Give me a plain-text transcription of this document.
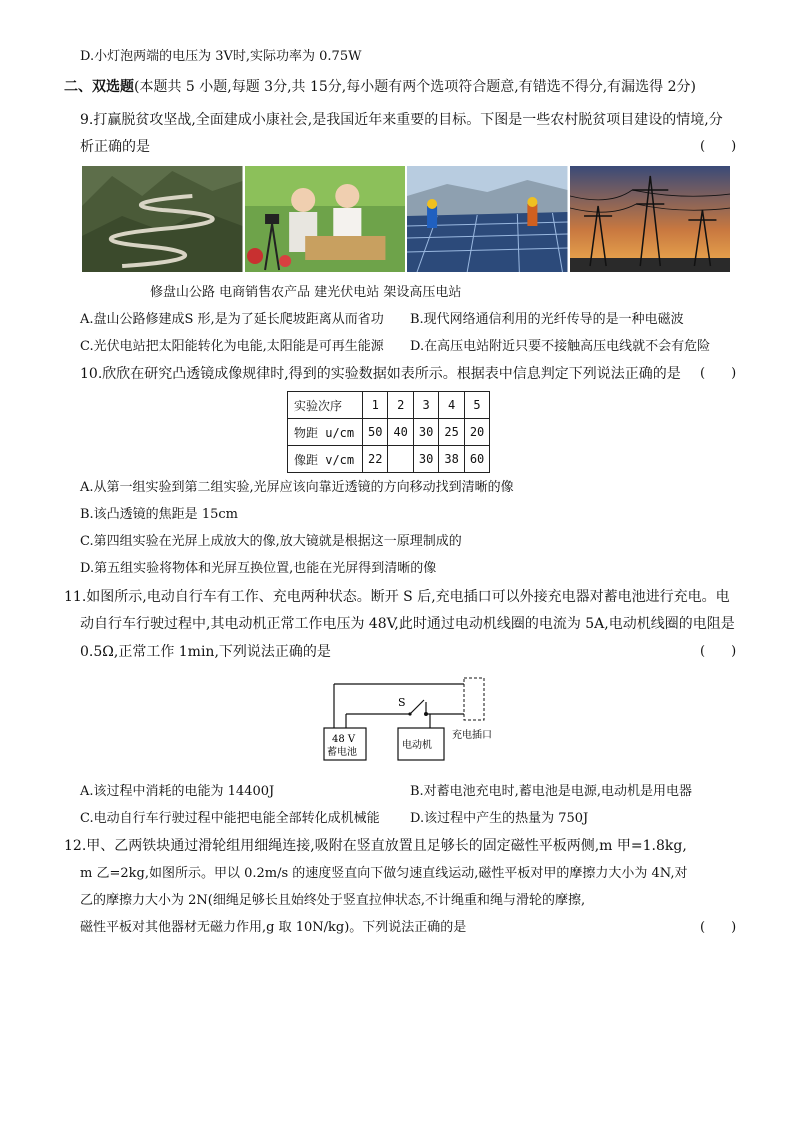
D.小灯泡两端的电压为 3V时,实际功率为 0.75W
二、双选题(本题共 5 小题,每题 3分,共 15分,每小题有两个选项符合题意,有错选不得分,有漏选得 2分)
9.打赢脱贫攻坚战,全面建成小康社会,是我国近年来重要的目标。下图是一些农村脱贫项目建设的情境,分
析正确的是	(　　)
修盘山公路 电商销售农产品 建光伏电站 架设高压电站
A.盘山公路修建成S 形,是为了延长爬坡距离从而省功 B.现代网络通信利用的光纤传导的是一种电磁波
C.光伏电站把太阳能转化为电能,太阳能是可再生能源 D.在高压电站附近只要不接触高压电线就不会有危险
10.欣欣在研究凸透镜成像规律时,得到的实验数据如表所示。根据表中信息判定下列说法正确的是 (　　)
实验次序	1	2	3	4	5
物距 u/cm	50	40	30	25	20
像距 v/cm	22		30	38	60
A.从第一组实验到第二组实验,光屏应该向靠近透镜的方向移动找到清晰的像
B.该凸透镜的焦距是 15cm
C.第四组实验在光屏上成放大的像,放大镜就是根据这一原理制成的
D.第五组实验将物体和光屏互换位置,也能在光屏得到清晰的像
11.如图所示,电动自行车有工作、充电两种状态。断开 S 后,充电插口可以外接充电器对蓄电池进行充电。电
动自行车行驶过程中,其电动机正常工作电压为 48V,此时通过电动机线圈的电流为 5A,电动机线圈的电阻是
0.5Ω,正常工作 1min,下列说法正确的是	(　　)
S
48 V
蓄电池
电动机
充电插口
A.该过程中消耗的电能为 14400J	B.对蓄电池充电时,蓄电池是电源,电动机是用电器
C.电动自行车行驶过程中能把电能全部转化成机械能 D.该过程中产生的热量为 750J
12.甲、乙两铁块通过滑轮组用细绳连接,吸附在竖直放置且足够长的固定磁性平板两侧,m 甲=1.8kg,
m 乙=2kg,如图所示。甲以 0.2m/s 的速度竖直向下做匀速直线运动,磁性平板对甲的摩擦力大小为 4N,对
乙的摩擦力大小为 2N(细绳足够长且始终处于竖直拉伸状态,不计绳重和绳与滑轮的摩擦,
磁性平板对其他器材无磁力作用,g 取 10N/kg)。下列说法正确的是	(　　)
